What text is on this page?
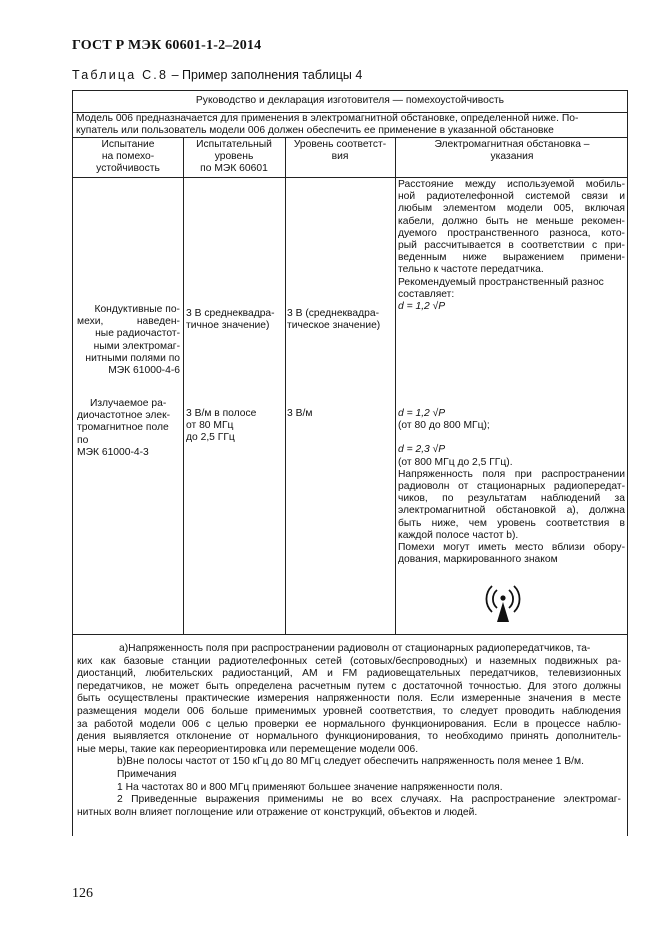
ГОСТ Р МЭК 60601-1-2–2014
Таблица С.8 – Пример заполнения таблицы 4
Руководство и декларация изготовителя — помехоустойчивость
Модель 006 предназначается для применения в электромагнитной обстановке, определенной ниже. По-
купатель или пользователь модели 006 должен обеспечить ее применение в указанной обстановке
Испытание
на помехо-
устойчивость
Испытательный
уровень
по МЭК 60601
Уровень соответст-
вия
Электромагнитная обстановка –
указания
Расстояние между используемой мобиль-
ной радиотелефонной системой связи и
любым элементом модели 005, включая
кабели, должно быть не меньше рекомен-
дуемого пространственного разноса, кото-
рый рассчитывается в соответствии с при-
веденным ниже выражением примени-
тельно к частоте передатчика.
Рекомендуемый пространственный разнос
составляет:
d = 1,2 √P
Кондуктивные по-
мехи, наведен-
ные радиочастот-
ными электромаг-
нитными полями по
МЭК 61000-4-6
3 В среднеквадра-
тичное значение)
3 В (среднеквадра-
тическое значение)
Излучаемое ра-
диочастотное элек-
тромагнитное поле
по
МЭК 61000-4-3
3 В/м в полосе
от 80 МГц
до 2,5 ГГц
3 В/м	d = 1,2 √P
(от 80 до 800 МГц);
d = 2,3 √P
(от 800 МГц до 2,5 ГГц).
Напряженность поля при распространении
радиоволн от стационарных радиопередат-
чиков, по результатам наблюдений за
электромагнитной обстановкой a), должна
быть ниже, чем уровень соответствия в
каждой полосе частот b).
Помехи могут иметь место вблизи обору-
дования, маркированного знаком
a)Напряженность поля при распространении радиоволн от стационарных радиопередатчиков, та-
ких как базовые станции радиотелефонных сетей (сотовых/беспроводных) и наземных подвижных ра-
диостанций, любительских радиостанций, AM и FM радиовещательных передатчиков, телевизионных
передатчиков, не может быть определена расчетным путем с достаточной точностью. Для этого должны
быть осуществлены практические измерения напряженности поля. Если измеренные значения в месте
размещения модели 006 больше применимых уровней соответствия, то следует проводить наблюдения
за работой модели 006 с целью проверки ее нормального функционирования. Если в процессе наблю-
дения выявляется отклонение от нормального функционирования, то необходимо принять дополнитель-
ные меры, такие как переориентировка или перемещение модели 006.
b)Вне полосы частот от 150 кГц до 80 МГц следует обеспечить напряженность поля менее 1 В/м.
Примечания
1 На частотах 80 и 800 МГц применяют большее значение напряженности поля.
2 Приведенные выражения применимы не во всех случаях. На распространение электромаг-
нитных волн влияет поглощение или отражение от конструкций, объектов и людей.
126
